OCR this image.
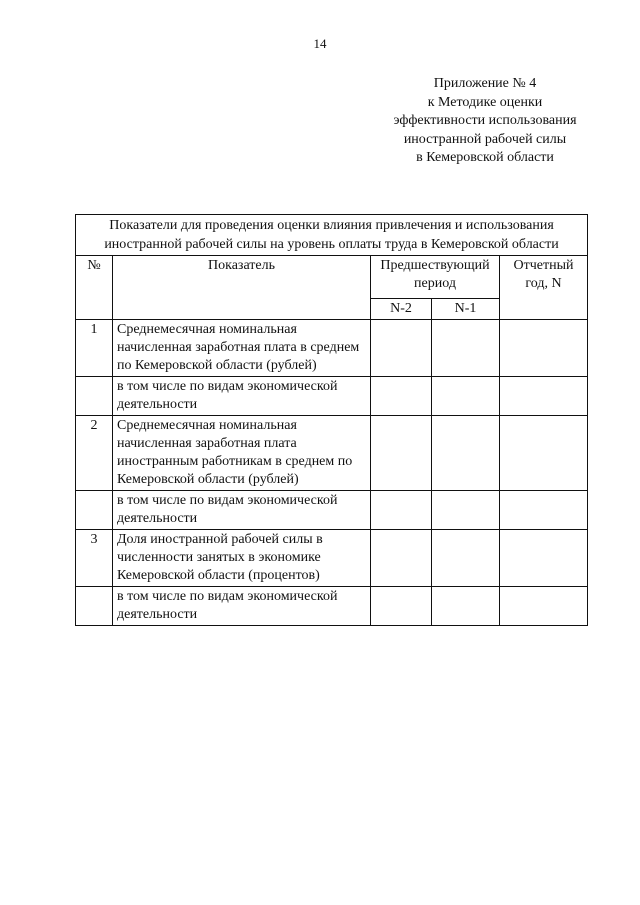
14
Приложение № 4
к Методике оценки
эффективности использования
иностранной рабочей силы
в Кемеровской области
Показатели для проведения оценки влияния привлечения и использования иностранной рабочей силы на уровень оплаты труда в Кемеровской области				
№	Показатель	Предшествующий период		Отчетный год, N
		N-2	N-1	
1	Среднемесячная номинальная начисленная заработная плата в среднем по Кемеровской области (рублей)			
	в том числе по видам экономической деятельности			
2	Среднемесячная номинальная начисленная заработная плата иностранным работникам в среднем по Кемеровской области (рублей)			
	в том числе по видам экономической деятельности			
3	Доля иностранной рабочей силы в численности занятых в экономике Кемеровской области (процентов)			
	в том числе по видам экономической деятельности			
